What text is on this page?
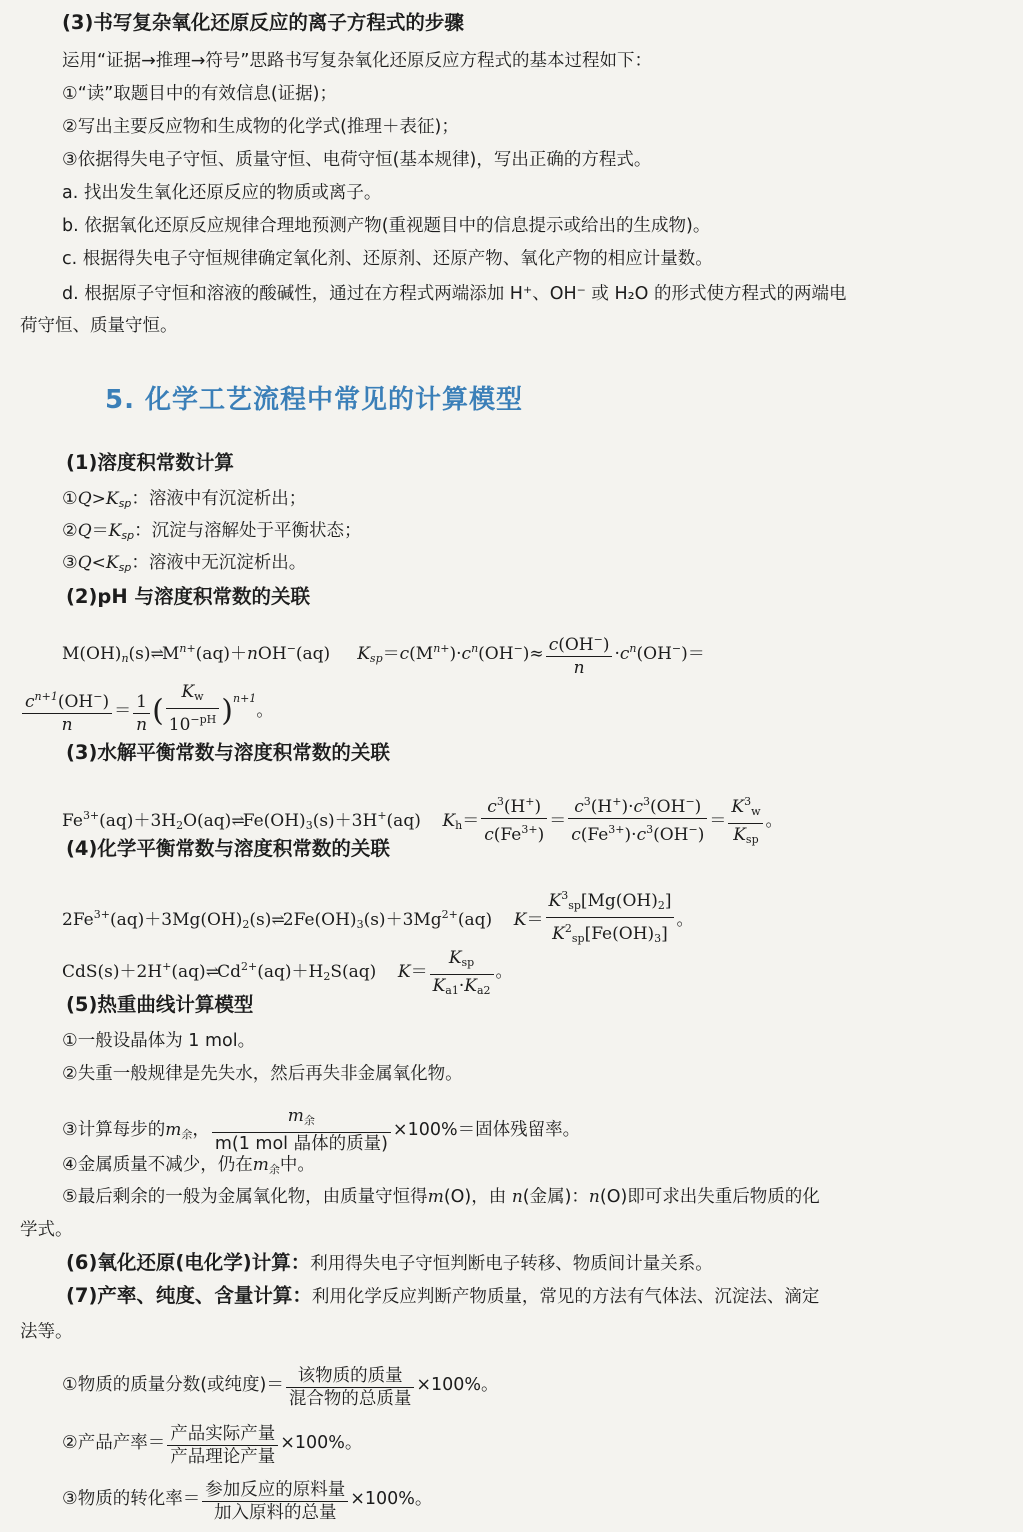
(3)书写复杂氧化还原反应的离子方程式的步骤
运用“证据→推理→符号”思路书写复杂氧化还原反应方程式的基本过程如下：
①“读”取题目中的有效信息(证据)；
②写出主要反应物和生成物的化学式(推理＋表征)；
③依据得失电子守恒、质量守恒、电荷守恒(基本规律)，写出正确的方程式。
a. 找出发生氧化还原反应的物质或离子。
b. 依据氧化还原反应规律合理地预测产物(重视题目中的信息提示或给出的生成物)。
c. 根据得失电子守恒规律确定氧化剂、还原剂、还原产物、氧化产物的相应计量数。
d. 根据原子守恒和溶液的酸碱性，通过在方程式两端添加 H⁺、OH⁻ 或 H₂O 的形式使方程式的两端电
荷守恒、质量守恒。
5. 化学工艺流程中常见的计算模型
(1)溶度积常数计算
$①Q>K_{sp}$：溶液中有沉淀析出；
$②Q=K_{sp}$：沉淀与溶解处于平衡状态；
$③Q<K_{sp}$：溶液中无沉淀析出。
(2)pH 与溶度积常数的关联
$M(OH)_n(s)\rightleftharpoons M^{n+}(aq)+nOH^-(aq)$     $K_{sp}=c(M^{n+})\cdot c^n(OH^-)\approx \frac{c(OH^-)}{n} \cdot c^n(OH^-)=$
$\frac{c^{n+1}(OH^-)}{n} = \frac{1}{n}$ ( $\frac{K_w}{10^{-pH}} )^{n+1}$。
(3)水解平衡常数与溶度积常数的关联
$Fe^{3+}(aq)+3H_2O(aq)\rightleftharpoons Fe(OH)_3(s)+3H^+(aq)$    $K_h= \frac{c^3(H^+)}{c(Fe^{3+})} = \frac{c^3(H^+)\cdot c^3(OH^-)}{c(Fe^{3+})\cdot c^3(OH^-)} = \frac{K^3_w}{K_{sp}}$ 。
(4)化学平衡常数与溶度积常数的关联
$2Fe^{3+}(aq)+3Mg(OH)_2(s)\rightleftharpoons 2Fe(OH)_3(s)+3Mg^{2+}(aq)$    $K= \frac{K^3_{sp}[Mg(OH)_2]}{K^2_{sp}[Fe(OH)_3]}$ 。
$CdS(s)+2H^+(aq)\rightleftharpoons Cd^{2+}(aq)+H_2S(aq)$    $K= \frac{K_{sp}}{K_{a1}\cdot K_{a2}}$ 。
(5)热重曲线计算模型
①一般设晶体为 1 mol。
②失重一般规律是先失水，然后再失非金属氧化物。
③计算每步的$m_余$， $\frac{m_余}{\text{m(1 mol 晶体的质量)}} \times 100\%=$固体残留率。
④金属质量不减少，仍在$m_余$中。
⑤最后剩余的一般为金属氧化物，由质量守恒得m(O)，由 n(金属)：n(O)即可求出失重后物质的化
学式。
(6)氧化还原(电化学)计算：利用得失电子守恒判断电子转移、物质间计量关系。
(7)产率、纯度、含量计算：利用化学反应判断产物质量，常见的方法有气体法、沉淀法、滴定
法等。
①物质的质量分数(或纯度)＝ $\frac{\text{该物质的质量}}{\text{混合物的总质量}} \times 100\%$。
②产品产率＝ $\frac{\text{产品实际产量}}{\text{产品理论产量}} \times 100\%$。
③物质的转化率＝ $\frac{\text{参加反应的原料量}}{\text{加入原料的总量}} \times 100\%$。
